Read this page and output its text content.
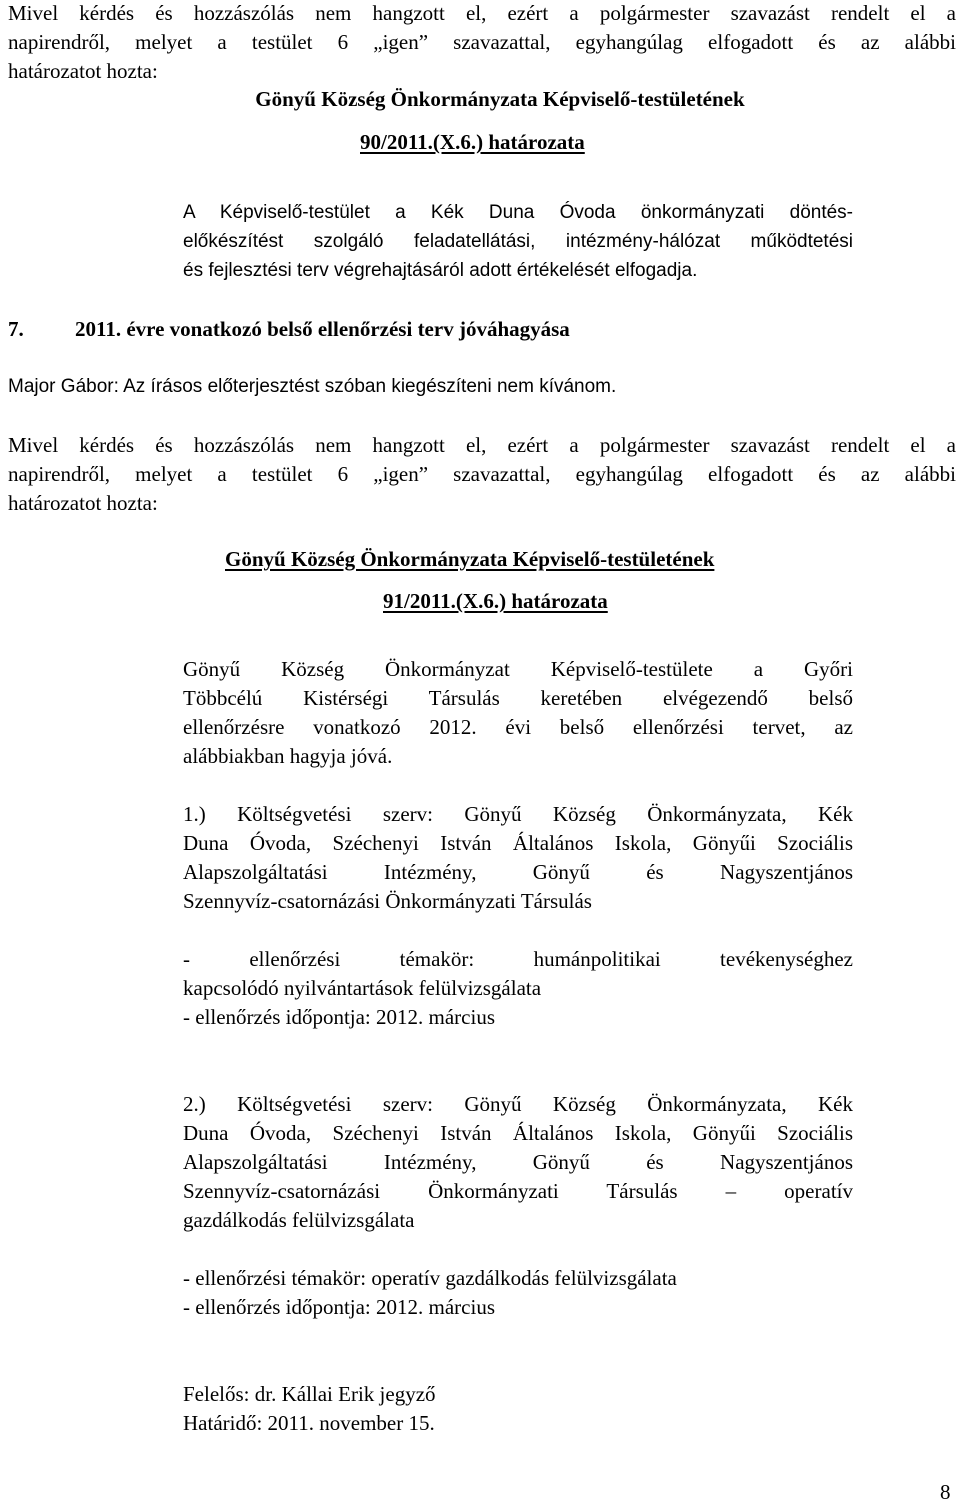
Mivel kérdés és hozzászólás nem hangzott el, ezért a polgármester szavazást rendelt el a
napirendről, melyet a testület 6 „igen” szavazattal, egyhangúlag elfogadott és az alábbi
határozatot hozta:
Gönyű Község Önkormányzata Képviselő-testületének
90/2011.(X.6.) határozata
A Képviselő-testület a Kék Duna Óvoda önkormányzati döntés-
előkészítést szolgáló feladatellátási, intézmény-hálózat működtetési
és fejlesztési terv végrehajtásáról adott értékelését elfogadja.
7. 2011. évre vonatkozó belső ellenőrzési terv jóváhagyása
Major Gábor: Az írásos előterjesztést szóban kiegészíteni nem kívánom.
Mivel kérdés és hozzászólás nem hangzott el, ezért a polgármester szavazást rendelt el a
napirendről, melyet a testület 6 „igen” szavazattal, egyhangúlag elfogadott és az alábbi
határozatot hozta:
Gönyű Község Önkormányzata Képviselő-testületének
91/2011.(X.6.) határozata
Gönyű Község Önkormányzat Képviselő-testülete a Győri
Többcélú Kistérségi Társulás keretében elvégezendő belső
ellenőrzésre vonatkozó 2012. évi belső ellenőrzési tervet, az
alábbiakban hagyja jóvá.
1.) Költségvetési szerv: Gönyű Község Önkormányzata, Kék
Duna Óvoda, Széchenyi István Általános Iskola, Gönyűi Szociális
Alapszolgáltatási Intézmény, Gönyű és Nagyszentjános
Szennyvíz-csatornázási Önkormányzati Társulás
- ellenőrzési témakör: humánpolitikai tevékenységhez
kapcsolódó nyilvántartások felülvizsgálata
- ellenőrzés időpontja: 2012. március
2.) Költségvetési szerv: Gönyű Község Önkormányzata, Kék
Duna Óvoda, Széchenyi István Általános Iskola, Gönyűi Szociális
Alapszolgáltatási Intézmény, Gönyű és Nagyszentjános
Szennyvíz-csatornázási Önkormányzati Társulás – operatív
gazdálkodás felülvizsgálata
- ellenőrzési témakör: operatív gazdálkodás felülvizsgálata
- ellenőrzés időpontja: 2012. március
Felelős: dr. Kállai Erik jegyző
Határidő: 2011. november 15.
8
